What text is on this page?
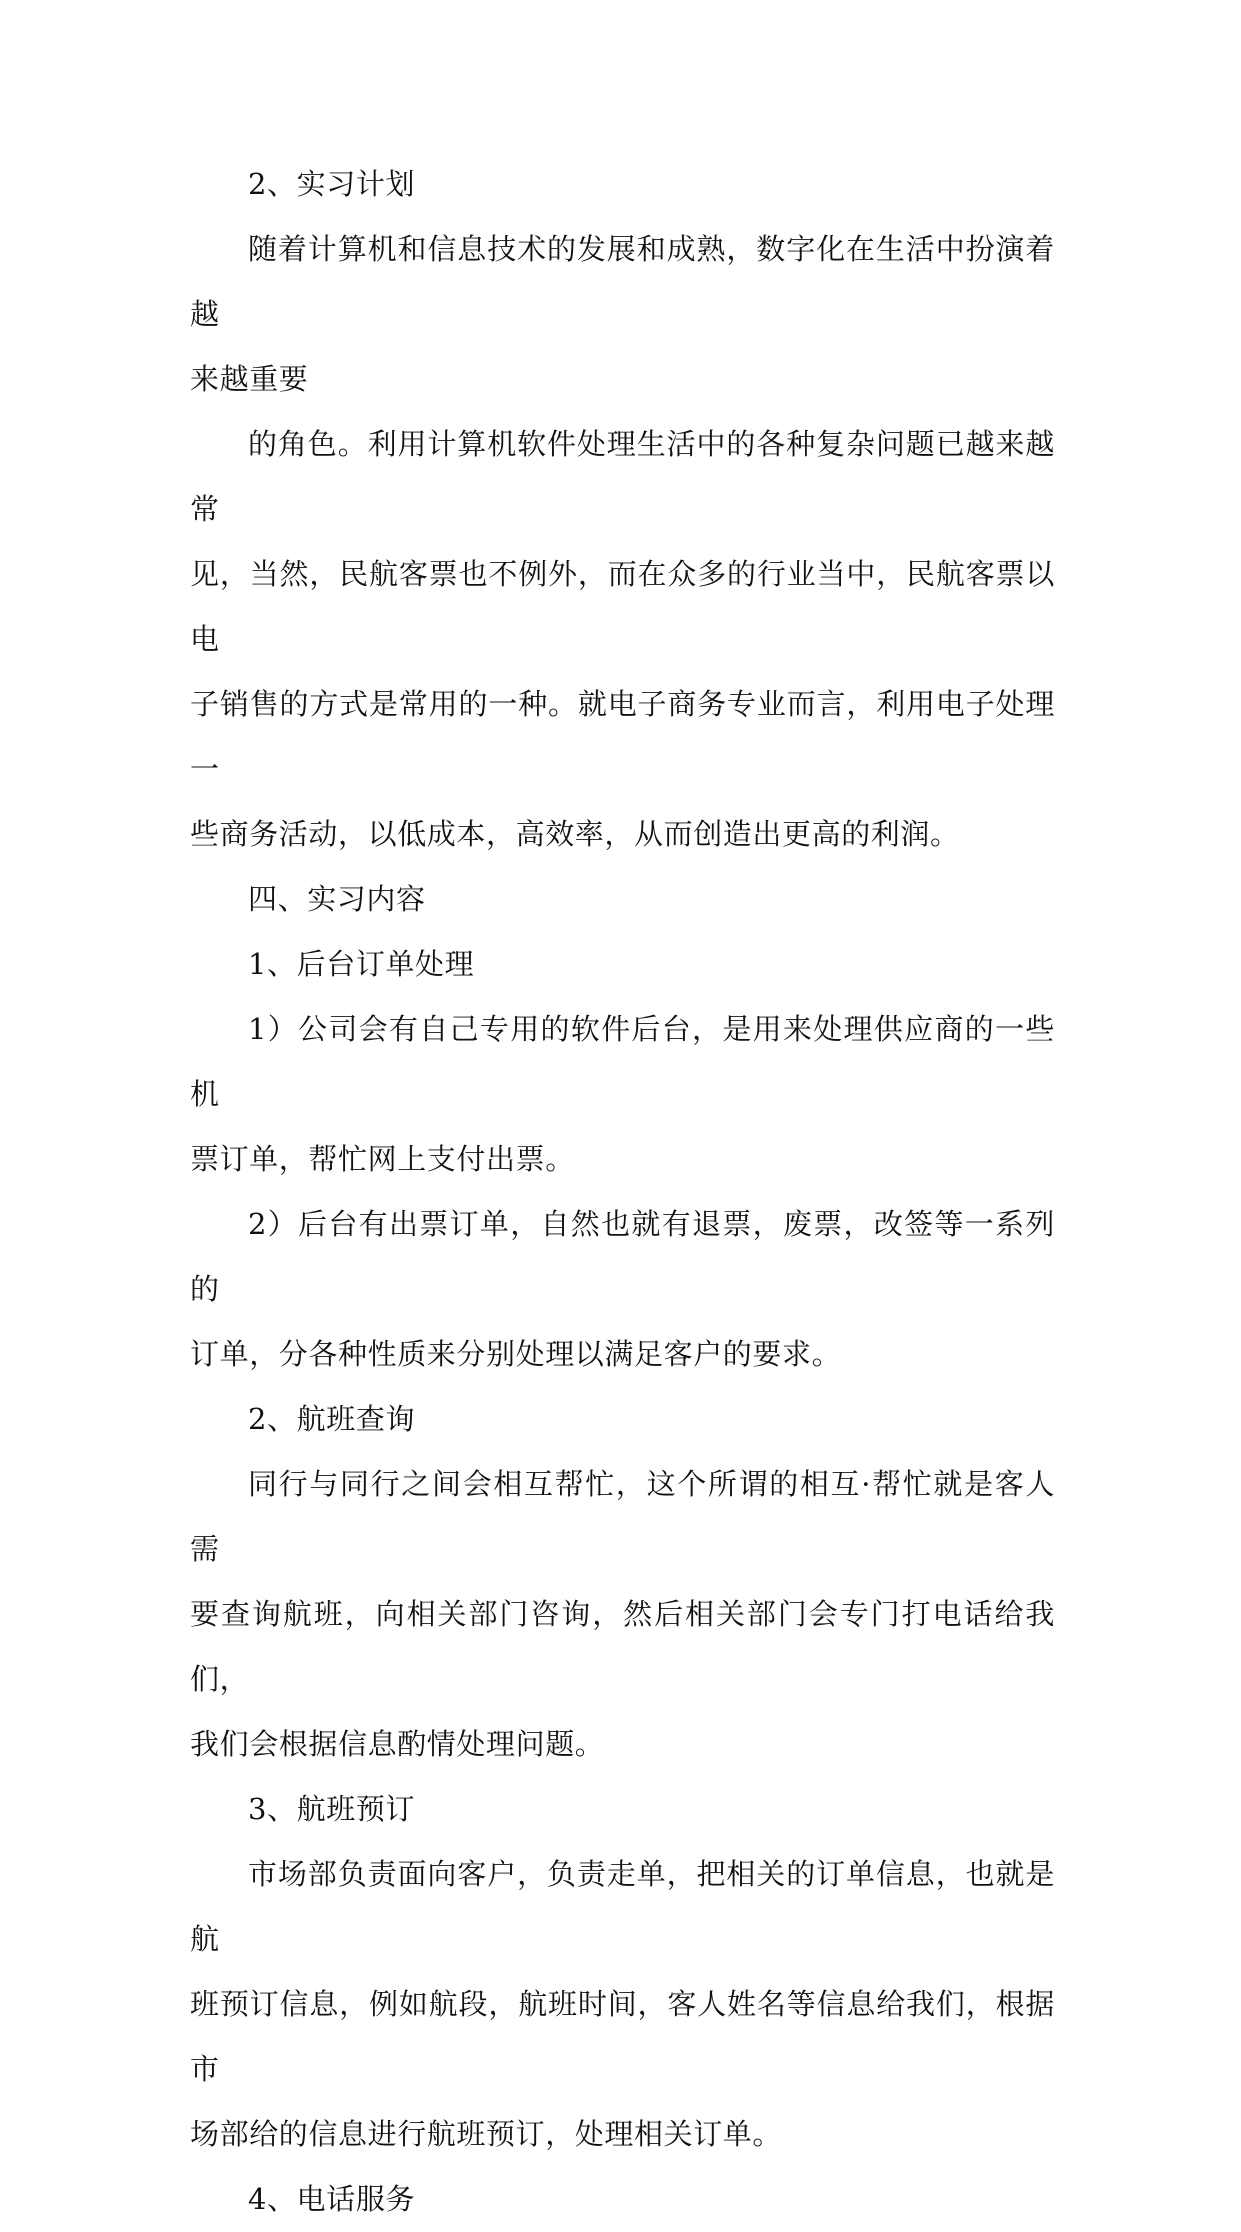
2、实习计划

随着计算机和信息技术的发展和成熟，数字化在生活中扮演着越
来越重要

的角色。利用计算机软件处理生活中的各种复杂问题已越来越常
见，当然，民航客票也不例外，而在众多的行业当中，民航客票以电
子销售的方式是常用的一种。就电子商务专业而言，利用电子处理一
些商务活动，以低成本，高效率，从而创造出更高的利润。

四、实习内容

1、后台订单处理

1）公司会有自己专用的软件后台，是用来处理供应商的一些机
票订单，帮忙网上支付出票。

2）后台有出票订单，自然也就有退票，废票，改签等一系列的
订单，分各种性质来分别处理以满足客户的要求。

2、航班查询

同行与同行之间会相互帮忙，这个所谓的相互·帮忙就是客人需
要查询航班，向相关部门咨询，然后相关部门会专门打电话给我们，
我们会根据信息酌情处理问题。

3、航班预订

市场部负责面向客户，负责走单，把相关的订单信息，也就是航
班预订信息，例如航段，航班时间，客人姓名等信息给我们，根据市
场部给的信息进行航班预订，处理相关订单。

4、电话服务
